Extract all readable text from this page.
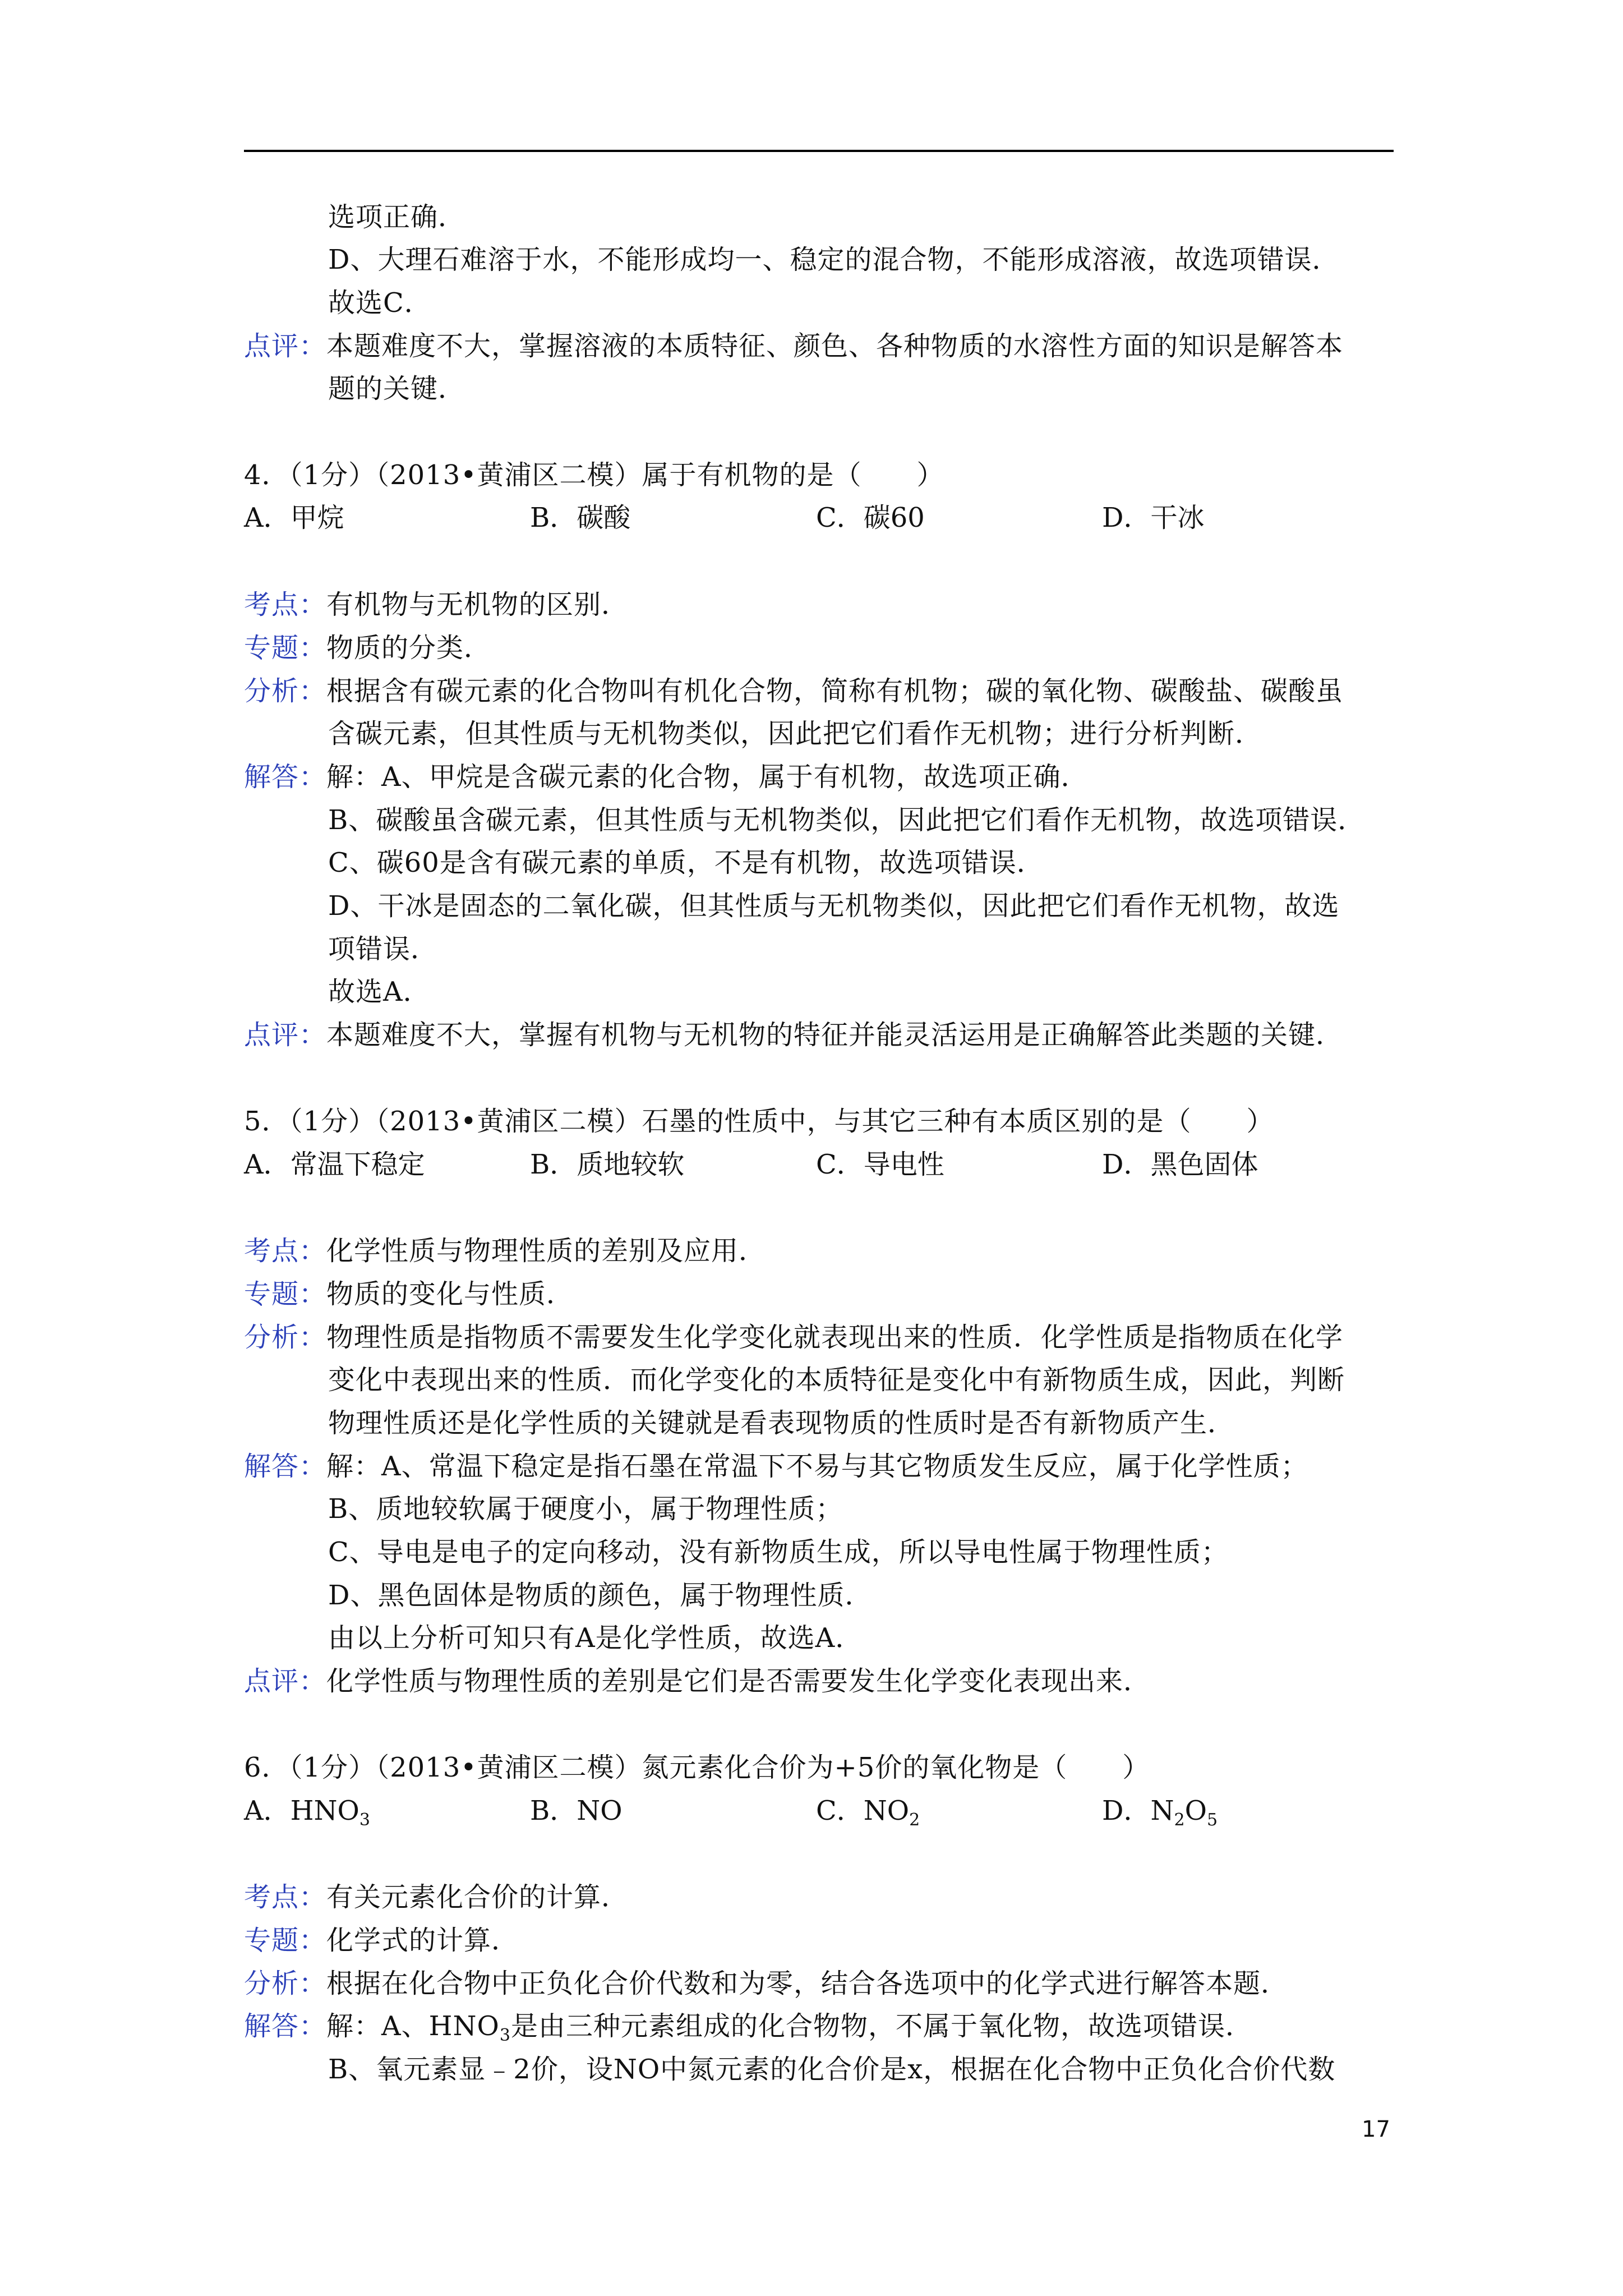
选项正确．
D、大理石难溶于水，不能形成均一、稳定的混合物，不能形成溶液，故选项错误．
故选C．
点评：本题难度不大，掌握溶液的本质特征、颜色、各种物质的水溶性方面的知识是解答本
题的关键．
4．（1分）（2013•黄浦区二模）属于有机物的是（　　）
A．甲烷	B．碳酸	C．碳60	D．干冰
考点：有机物与无机物的区别．
专题：物质的分类．
分析：根据含有碳元素的化合物叫有机化合物，简称有机物；碳的氧化物、碳酸盐、碳酸虽
含碳元素，但其性质与无机物类似，因此把它们看作无机物；进行分析判断．
解答：解：A、甲烷是含碳元素的化合物，属于有机物，故选项正确．
B、碳酸虽含碳元素，但其性质与无机物类似，因此把它们看作无机物，故选项错误．
C、碳60是含有碳元素的单质，不是有机物，故选项错误．
D、干冰是固态的二氧化碳，但其性质与无机物类似，因此把它们看作无机物，故选
项错误．
故选A．
点评：本题难度不大，掌握有机物与无机物的特征并能灵活运用是正确解答此类题的关键．
5．（1分）（2013•黄浦区二模）石墨的性质中，与其它三种有本质区别的是（　　）
A．常温下稳定	B．质地较软	C．导电性	D．黑色固体
考点：化学性质与物理性质的差别及应用．
专题：物质的变化与性质．
分析：物理性质是指物质不需要发生化学变化就表现出来的性质．化学性质是指物质在化学
变化中表现出来的性质．而化学变化的本质特征是变化中有新物质生成，因此，判断
物理性质还是化学性质的关键就是看表现物质的性质时是否有新物质产生．
解答：解：A、常温下稳定是指石墨在常温下不易与其它物质发生反应，属于化学性质；
B、质地较软属于硬度小，属于物理性质；
C、导电是电子的定向移动，没有新物质生成，所以导电性属于物理性质；
D、黑色固体是物质的颜色，属于物理性质．
由以上分析可知只有A是化学性质，故选A．
点评：化学性质与物理性质的差别是它们是否需要发生化学变化表现出来．
6．（1分）（2013•黄浦区二模）氮元素化合价为+5价的氧化物是（　　）
A．$HNO_3$	B．NO	C．$NO_2$	D．$N_2O_5$
考点：有关元素化合价的计算．
专题：化学式的计算．
分析：根据在化合物中正负化合价代数和为零，结合各选项中的化学式进行解答本题．
解答：解：A、$HNO_3$是由三种元素组成的化合物物，不属于氧化物，故选项错误．
B、氧元素显﹣2价，设NO中氮元素的化合价是x，根据在化合物中正负化合价代数
17
